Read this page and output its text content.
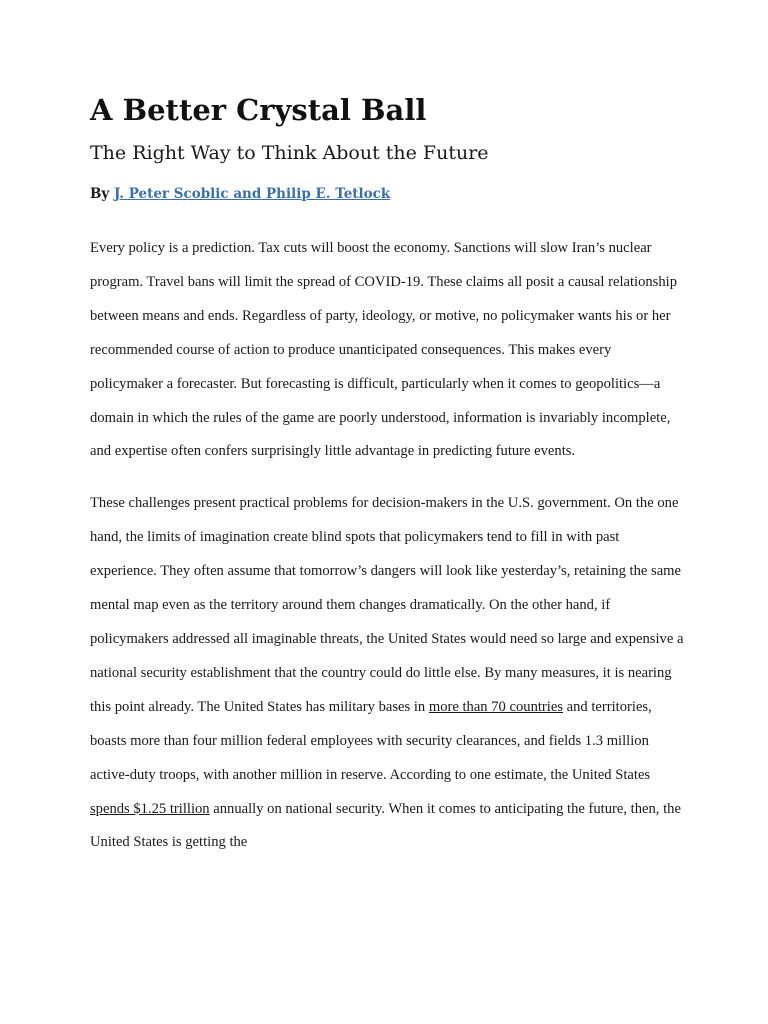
A Better Crystal Ball
The Right Way to Think About the Future

By J. Peter Scoblic and Philip E. Tetlock

Every policy is a prediction. Tax cuts will boost the economy. Sanctions will slow Iran’s nuclear program. Travel bans will limit the spread of COVID-19. These claims all posit a causal relationship between means and ends. Regardless of party, ideology, or motive, no policymaker wants his or her recommended course of action to produce unanticipated consequences. This makes every policymaker a forecaster. But forecasting is difficult, particularly when it comes to geopolitics—a domain in which the rules of the game are poorly understood, information is invariably incomplete, and expertise often confers surprisingly little advantage in predicting future events.

These challenges present practical problems for decision-makers in the U.S. government. On the one hand, the limits of imagination create blind spots that policymakers tend to fill in with past experience. They often assume that tomorrow’s dangers will look like yesterday’s, retaining the same mental map even as the territory around them changes dramatically. On the other hand, if policymakers addressed all imaginable threats, the United States would need so large and expensive a national security establishment that the country could do little else. By many measures, it is nearing this point already. The United States has military bases in more than 70 countries and territories, boasts more than four million federal employees with security clearances, and fields 1.3 million active-duty troops, with another million in reserve. According to one estimate, the United States spends $1.25 trillion annually on national security. When it comes to anticipating the future, then, the United States is getting the
